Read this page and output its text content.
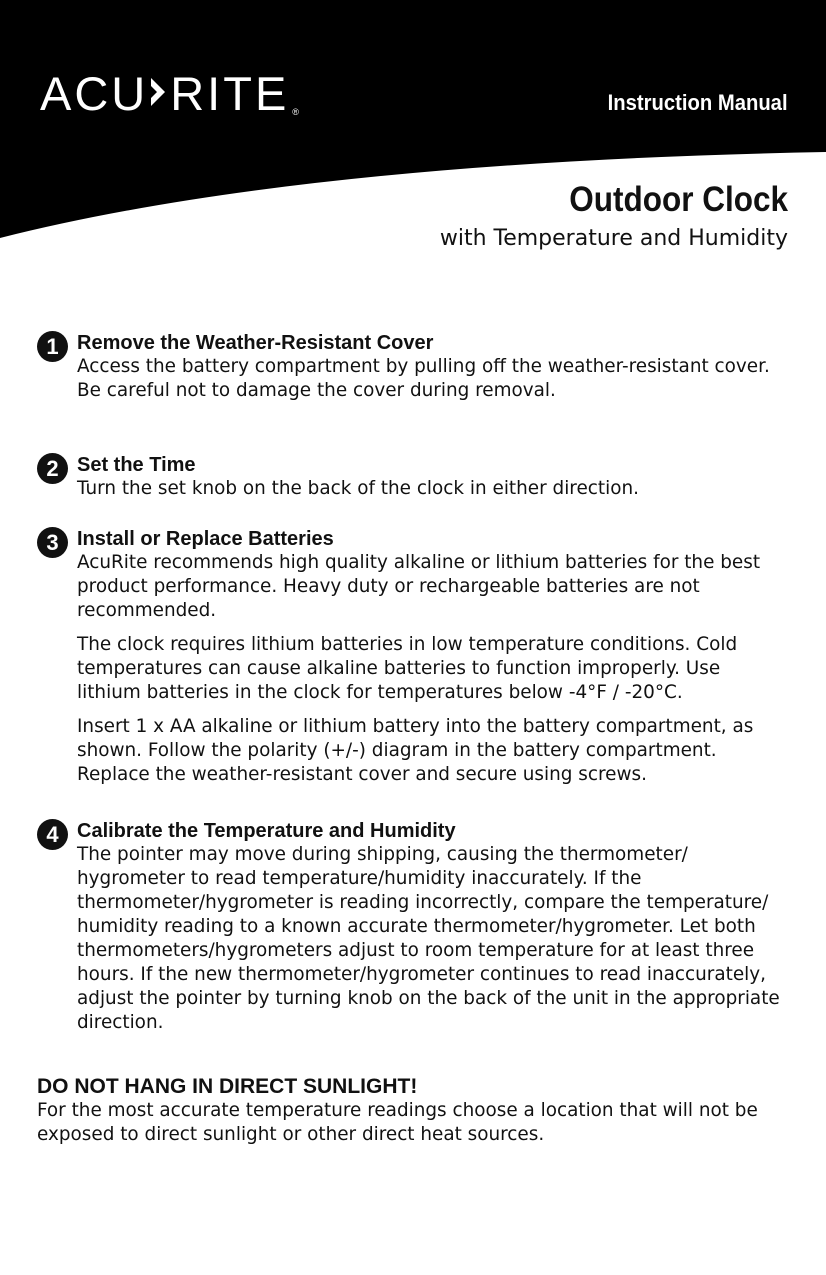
ACU RITE ®	Instruction Manual
Outdoor Clock
with Temperature and Humidity
1 Remove the Weather-Resistant Cover

Access the battery compartment by pulling off the weather-resistant cover. Be careful not to damage the cover during removal.

2 Set the Time

Turn the set knob on the back of the clock in either direction.

3 Install or Replace Batteries

AcuRite recommends high quality alkaline or lithium batteries for the best product performance. Heavy duty or rechargeable batteries are not recommended.

The clock requires lithium batteries in low temperature conditions. Cold temperatures can cause alkaline batteries to function improperly. Use lithium batteries in the clock for temperatures below -4°F / -20°C.

Insert 1 x AA alkaline or lithium battery into the battery compartment, as shown. Follow the polarity (+/-) diagram in the battery compartment. Replace the weather-resistant cover and secure using screws.

4 Calibrate the Temperature and Humidity

The pointer may move during shipping, causing the thermometer/ hygrometer to read temperature/humidity inaccurately. If the thermometer/hygrometer is reading incorrectly, compare the temperature/ humidity reading to a known accurate thermometer/hygrometer. Let both thermometers/hygrometers adjust to room temperature for at least three hours. If the new thermometer/hygrometer continues to read inaccurately, adjust the pointer by turning knob on the back of the unit in the appropriate direction.

DO NOT HANG IN DIRECT SUNLIGHT!

For the most accurate temperature readings choose a location that will not be exposed to direct sunlight or other direct heat sources.
